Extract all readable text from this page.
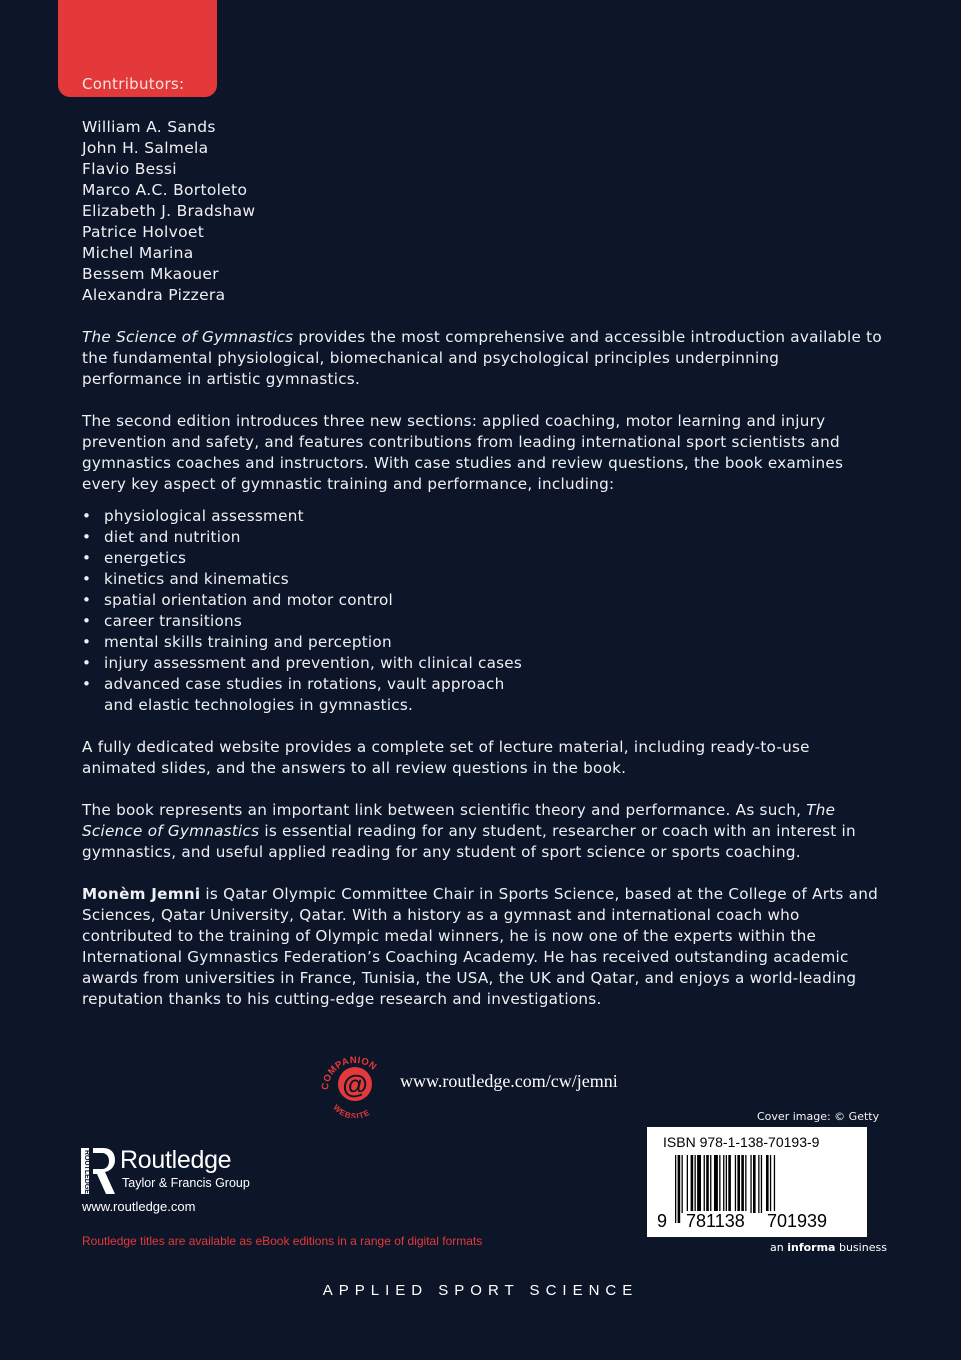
Contributors:
William A. Sands
John H. Salmela
Flavio Bessi
Marco A.C. Bortoleto
Elizabeth J. Bradshaw
Patrice Holvoet
Michel Marina
Bessem Mkaouer
Alexandra Pizzera

The Science of Gymnastics provides the most comprehensive and accessible introduction available to the fundamental physiological, biomechanical and psychological principles underpinning performance in artistic gymnastics.

The second edition introduces three new sections: applied coaching, motor learning and injury prevention and safety, and features contributions from leading international sport scientists and gymnastics coaches and instructors. With case studies and review questions, the book examines every key aspect of gymnastic training and performance, including:

• physiological assessment
• diet and nutrition
• energetics
• kinetics and kinematics
• spatial orientation and motor control
• career transitions
• mental skills training and perception
• injury assessment and prevention, with clinical cases
• advanced case studies in rotations, vault approach and elastic technologies in gymnastics.

A fully dedicated website provides a complete set of lecture material, including ready-to-use animated slides, and the answers to all review questions in the book.

The book represents an important link between scientific theory and performance. As such, The Science of Gymnastics is essential reading for any student, researcher or coach with an interest in gymnastics, and useful applied reading for any student of sport science or sports coaching.

Monèm Jemni is Qatar Olympic Committee Chair in Sports Science, based at the College of Arts and Sciences, Qatar University, Qatar. With a history as a gymnast and international coach who contributed to the training of Olympic medal winners, he is now one of the experts within the International Gymnastics Federation’s Coaching Academy. He has received outstanding academic awards from universities in France, Tunisia, the USA, the UK and Qatar, and enjoys a world-leading reputation thanks to his cutting-edge research and investigations.

COMPANION
@
WEBSITE
www.routledge.com/cw/jemni
Cover image: © Getty
ISBN 978-1-138-70193-9
9 781138 701939
an informa business
ROUTLEDGE Routledge
Taylor & Francis Group
www.routledge.com
Routledge titles are available as eBook editions in a range of digital formats
APPLIED SPORT SCIENCE
